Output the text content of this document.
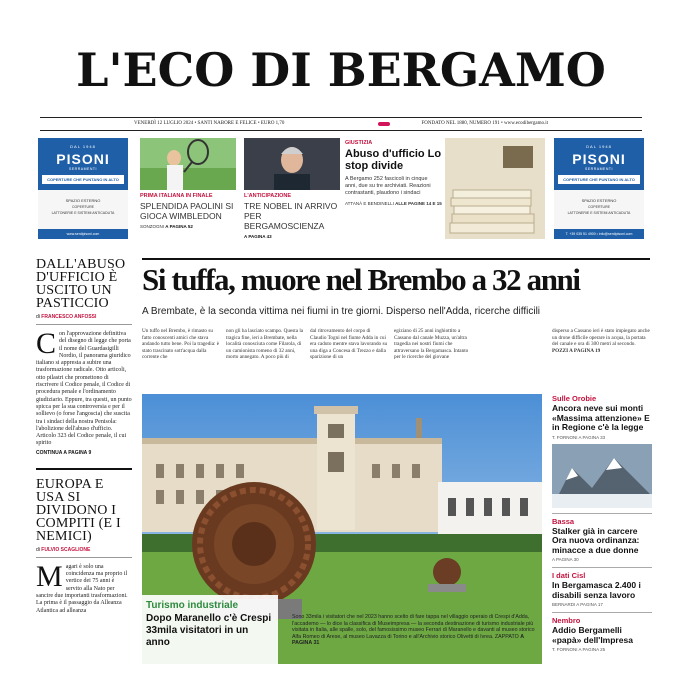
L'ECO DI BERGAMO
VENERDÌ 12 LUGLIO 2024 • SANTI NABORE E FELICE • EURO 1,70	FONDATO NEL 1880, NUMERO 191 • www.ecodibergamo.it
DAL 1948
PISONI
SERRAMENTI
COPERTURE CHE PUNTANO IN ALTO
SPAZIO ESTERNO
COPERTURE
LATTONERIE E SISTEMI ANTICADUTA
www.serdipisoni.com
PRIMA ITALIANA IN FINALE
SPLENDIDA PAOLINI SI GIOCA WIMBLEDON
SONZOGNI A PAGINA 52
L'ANTICIPAZIONE
TRE NOBEL IN ARRIVO PER BERGAMOSCIENZA
A PAGINA 43
GIUSTIZIA
Abuso d'ufficio Lo stop divide
A Bergamo 252 fascicoli in cinque anni, due su tre archiviati. Reazioni contrastanti, plaudono i sindaci
ATTANÀ E BENDINELLI ALLE PAGINE 14 E 15
DAL 1948
PISONI
SERRAMENTI
COPERTURE CHE PUNTANO IN ALTO
SPAZIO ESTERNO
COPERTURE
LATTONERIE E SISTEMI ANTICADUTA
T. +39 035 51 4900 • info@serdipisoni.com
DALL'ABUSO D'UFFICIO È USCITO UN PASTICCIO
di FRANCESCO ANFOSSI
Con l'approvazione definitiva del disegno di legge che porta il nome del Guardasigilli Nordio, il panorama giuridico italiano si appresta a subire una trasformazione radicale. Otto articoli, otto pilastri che promettono di riscrivere il Codice penale, il Codice di procedura penale e l'ordinamento giudiziario. Eppure, tra questi, un punto spicca per la sua controversia e per il sollievo (o forse l'angoscia) che suscita tra i sindaci della nostra Penisola: l'abolizione dell'abuso d'ufficio. Articolo 323 del Codice penale, il cui spirito
CONTINUA A PAGINA 9
EUROPA E USA SI DIVIDONO I COMPITI (E I NEMICI)
di FULVIO SCAGLIONE
Magari è solo una coincidenza ma proprio il vertice dei 75 anni è servito alla Nato per sancire due importanti trasformazioni. La prima è il passaggio da Alleanza Atlantica ad alleanza
Si tuffa, muore nel Brembo a 32 anni
A Brembate, è la seconda vittima nei fiumi in tre giorni. Disperso nell'Adda, ricerche difficili
Un tuffo nel Brembo, è rimasto su fatto conoscenti amici che stava andando tutto bene. Poi la tragedia: è stato trascinato sott'acqua dalla corrente che
non gli ha lasciato scampo. Questa la tragica fine, ieri a Brembate, nella località conosciuta come Filarola, di un camionista romeno di 32 anni, morto annegato. A poco più di
dal ritrovamento del corpo di Claudio Togni nel fiume Adda in cui era caduto mentre stava lavorando su una diga a Concesa di Trezzo e dalla sparizione di un
egiziano di 25 anni inghiottito a Cassano dal canale Muzza, un'altra tragedia nei nostri fiumi che attraversano la Bergamasca. Intanto per le ricerche del giovane
disperso a Cassano ieri è stato impiegato anche un drone difficile operare in acqua, la portata del canale e ora di 300 metri al secondo. POZZI A PAGINA 19
Turismo industriale
Dopo Maranello c'è Crespi 33mila visitatori in un anno
Sono 33mila i visitatori che nel 2023 hanno scelto di fare tappa nel villaggio operaio di Crespi d'Adda, l'accademo — lo dice la classifica di Museimpresa — la seconda destinazione di turismo industriale più visitata in Italia, alle spalle, solo, del famosissimo museo Ferrari di Maranello e davanti al museo storico Alfa Romeo di Arese, al museo Lavazza di Torino e all'Archivio storico Olivetti di Ivrea. ZAPPATO A PAGINA 31
Sulle Orobie
Ancora neve sui monti «Massima attenzione» E in Regione c'è la legge
T. FORNONI A PAGINA 33
Bassa
Stalker già in carcere Ora nuova ordinanza: minacce a due donne
A PAGINA 30
I dati Cisl
In Bergamasca 2.400 i disabili senza lavoro
BERNARDI A PAGINA 17
Nembro
Addio Bergamelli «papà» dell'Impresa
T. FORNONI A PAGINA 25
